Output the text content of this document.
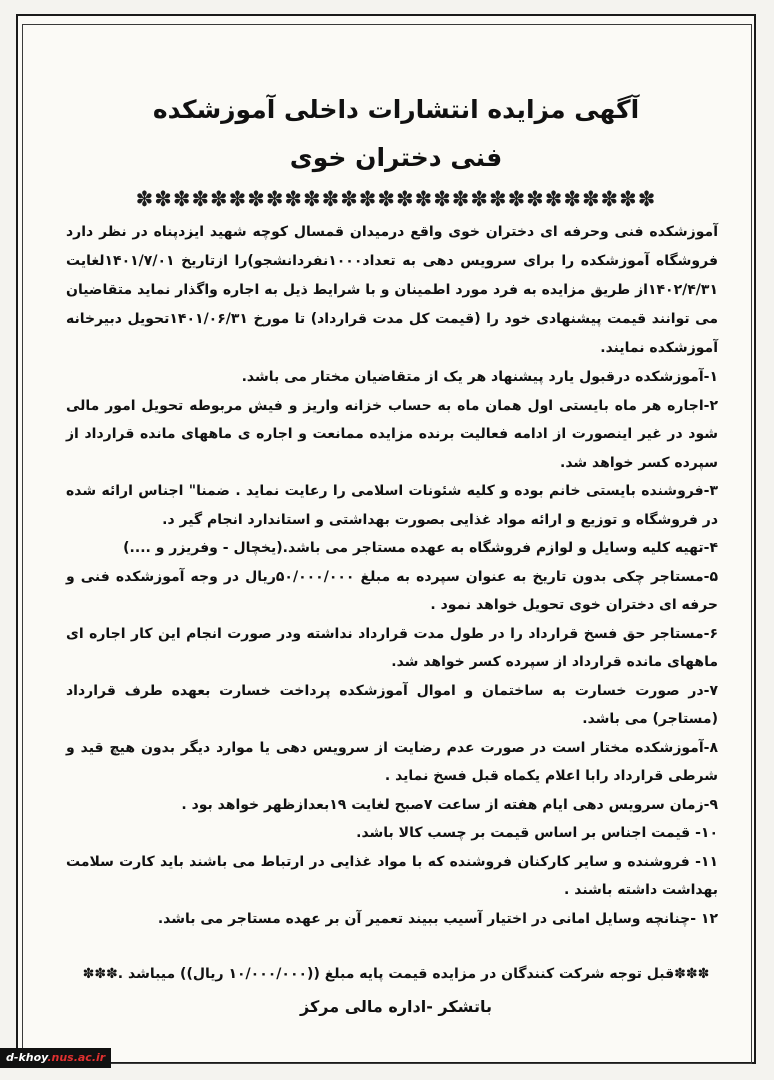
آگهی مزایده انتشارات داخلی آموزشکده
فنی دختران خوی
✽✽✽✽✽✽✽✽✽✽✽✽✽✽✽✽✽✽✽✽✽✽✽✽✽✽✽✽

آموزشکده فنی وحرفه ای دختران خوی واقع درمیدان قمسال کوچه شهید ایزدپناه در نظر دارد فروشگاه آموزشکده را برای سرویس دهی به تعداد۱۰۰۰نفردانشجو)را ازتاریخ ۱۴۰۱/۷/۰۱لغایت ۱۴۰۲/۴/۳۱از طریق مزایده به فرد مورد اطمینان و با شرایط ذیل به اجاره واگذار نماید متقاضیان می توانند قیمت پیشنهادی خود را (قیمت کل مدت قرارداد) تا مورخ ۱۴۰۱/۰۶/۳۱تحویل دبیرخانه آموزشکده نمایند.

۱-آموزشکده درقبول یارد پیشنهاد هر یک از متقاضیان مختار می باشد.

۲-اجاره هر ماه بایستی اول همان ماه به حساب خزانه واریز و فیش مربوطه تحویل امور مالی شود در غیر اینصورت از ادامه فعالیت برنده مزایده ممانعت و اجاره ی ماههای مانده قرارداد از سپرده کسر خواهد شد.

۳-فروشنده بایستی خانم بوده و کلیه شئونات اسلامی را رعایت نماید . ضمنا" اجناس ارائه شده در فروشگاه و توزیع و ارائه مواد غذایی بصورت بهداشتی و استاندارد انجام گیر د.

۴-تهیه کلیه وسایل و لوازم فروشگاه به عهده مستاجر می باشد.(یخچال - وفریزر و ....)

۵-مستاجر چکی بدون تاریخ به عنوان سپرده به مبلغ ۵۰/۰۰۰/۰۰۰ریال در وجه آموزشکده فنی و حرفه ای دختران خوی تحویل خواهد نمود .

۶-مستاجر حق فسخ قرارداد را در طول مدت قرارداد نداشته ودر صورت انجام این کار اجاره ای ماههای مانده قرارداد از سپرده کسر خواهد شد.

۷-در صورت خسارت به ساختمان و اموال آموزشکده پرداخت خسارت بعهده طرف قرارداد (مستاجر) می باشد.

۸-آموزشکده مختار است در صورت عدم رضایت از سرویس دهی یا موارد دیگر بدون هیچ قید و شرطی قرارداد رابا اعلام یکماه قبل فسخ نماید .

۹-زمان سرویس دهی ایام هفته از ساعت ۷صبح لغایت ۱۹بعدازظهر خواهد بود .

۱۰- قیمت اجناس بر اساس قیمت بر چسب کالا باشد.

۱۱- فروشنده و سایر کارکنان فروشنده که با مواد غذایی در ارتباط می باشند باید کارت سلامت بهداشت داشته باشند .

۱۲ -چنانچه وسایل امانی در اختیار آسیب ببیند تعمیر آن بر عهده مستاجر می باشد.

✽✽✽قبل توجه شرکت کنندگان در مزایده قیمت پایه مبلغ ((۱۰/۰۰۰/۰۰۰ ریال)) میباشد .✽✽✽
باتشکر -اداره مالی مرکز
d-khoy.nus.ac.ir
